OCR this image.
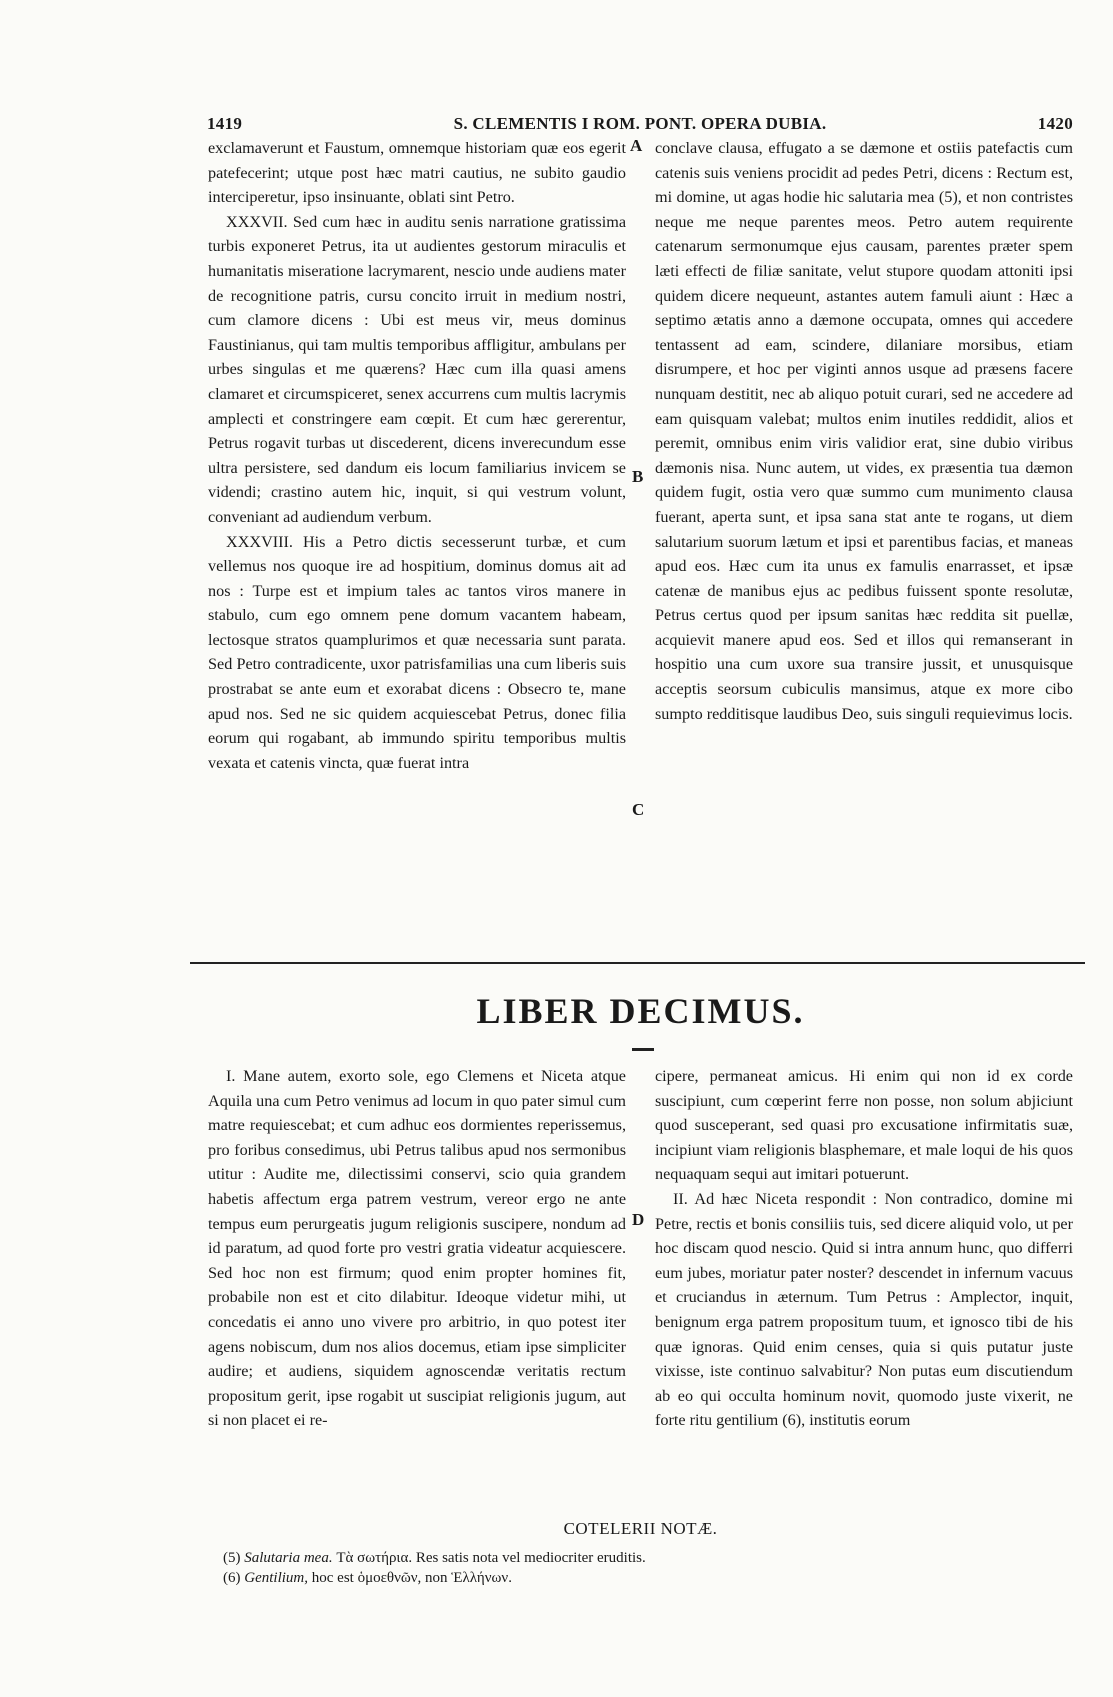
1419	S. CLEMENTIS I ROM. PONT. OPERA DUBIA.	1420

exclamaverunt et Faustum, omnemque historiam quæ eos egerit patefecerint; utque post hæc matri cautius, ne subito gaudio interciperetur, ipso insinuante, oblati sint Petro.

XXXVII. Sed cum hæc in auditu senis narratione gratissima turbis exponeret Petrus, ita ut audientes gestorum miraculis et humanitatis miseratione lacrymarent, nescio unde audiens mater de recognitione patris, cursu concito irruit in medium nostri, cum clamore dicens : Ubi est meus vir, meus dominus Faustinianus, qui tam multis temporibus affligitur, ambulans per urbes singulas et me quærens? Hæc cum illa quasi amens clamaret et circumspiceret, senex accurrens cum multis lacrymis amplecti et constringere eam cœpit. Et cum hæc gererentur, Petrus rogavit turbas ut discederent, dicens inverecundum esse ultra persistere, sed dandum eis locum familiarius invicem se videndi; crastino autem hic, inquit, si qui vestrum volunt, conveniant ad audiendum verbum.

XXXVIII. His a Petro dictis secesserunt turbæ, et cum vellemus nos quoque ire ad hospitium, dominus domus ait ad nos : Turpe est et impium tales ac tantos viros manere in stabulo, cum ego omnem pene domum vacantem habeam, lectosque stratos quamplurimos et quæ necessaria sunt parata. Sed Petro contradicente, uxor patrisfamilias una cum liberis suis prostrabat se ante eum et exorabat dicens : Obsecro te, mane apud nos. Sed ne sic quidem acquiescebat Petrus, donec filia eorum qui rogabant, ab immundo spiritu temporibus multis vexata et catenis vincta, quæ fuerat intra

conclave clausa, effugato a se dæmone et ostiis patefactis cum catenis suis veniens procidit ad pedes Petri, dicens : Rectum est, mi domine, ut agas hodie hic salutaria mea (5), et non contristes neque me neque parentes meos. Petro autem requirente catenarum sermonumque ejus causam, parentes præter spem læti effecti de filiæ sanitate, velut stupore quodam attoniti ipsi quidem dicere nequeunt, astantes autem famuli aiunt : Hæc a septimo ætatis anno a dæmone occupata, omnes qui accedere tentassent ad eam, scindere, dilaniare morsibus, etiam disrumpere, et hoc per viginti annos usque ad præsens facere nunquam destitit, nec ab aliquo potuit curari, sed ne accedere ad eam quisquam valebat; multos enim inutiles reddidit, alios et peremit, omnibus enim viris validior erat, sine dubio viribus dæmonis nisa. Nunc autem, ut vides, ex præsentia tua dæmon quidem fugit, ostia vero quæ summo cum munimento clausa fuerant, aperta sunt, et ipsa sana stat ante te rogans, ut diem salutarium suorum lætum et ipsi et parentibus facias, et maneas apud eos. Hæc cum ita unus ex famulis enarrasset, et ipsæ catenæ de manibus ejus ac pedibus fuissent sponte resolutæ, Petrus certus quod per ipsum sanitas hæc reddita sit puellæ, acquievit manere apud eos. Sed et illos qui remanserant in hospitio una cum uxore sua transire jussit, et unusquisque acceptis seorsum cubiculis mansimus, atque ex more cibo sumpto redditisque laudibus Deo, suis singuli requievimus locis.

A
B
C
LIBER DECIMUS.

I. Mane autem, exorto sole, ego Clemens et Niceta atque Aquila una cum Petro venimus ad locum in quo pater simul cum matre requiescebat; et cum adhuc eos dormientes reperissemus, pro foribus consedimus, ubi Petrus talibus apud nos sermonibus utitur : Audite me, dilectissimi conservi, scio quia grandem habetis affectum erga patrem vestrum, vereor ergo ne ante tempus eum perurgeatis jugum religionis suscipere, nondum ad id paratum, ad quod forte pro vestri gratia videatur acquiescere. Sed hoc non est firmum; quod enim propter homines fit, probabile non est et cito dilabitur. Ideoque videtur mihi, ut concedatis ei anno uno vivere pro arbitrio, in quo potest iter agens nobiscum, dum nos alios docemus, etiam ipse simpliciter audire; et audiens, siquidem agnoscendæ veritatis rectum propositum gerit, ipse rogabit ut suscipiat religionis jugum, aut si non placet ei re-

cipere, permaneat amicus. Hi enim qui non id ex corde suscipiunt, cum cœperint ferre non posse, non solum abjiciunt quod susceperant, sed quasi pro excusatione infirmitatis suæ, incipiunt viam religionis blasphemare, et male loqui de his quos nequaquam sequi aut imitari potuerunt.

II. Ad hæc Niceta respondit : Non contradico, domine mi Petre, rectis et bonis consiliis tuis, sed dicere aliquid volo, ut per hoc discam quod nescio. Quid si intra annum hunc, quo differri eum jubes, moriatur pater noster? descendet in infernum vacuus et cruciandus in æternum. Tum Petrus : Amplector, inquit, benignum erga patrem propositum tuum, et ignosco tibi de his quæ ignoras. Quid enim censes, quia si quis putatur juste vixisse, iste continuo salvabitur? Non putas eum discutiendum ab eo qui occulta hominum novit, quomodo juste vixerit, ne forte ritu gentilium (6), institutis eorum

D
COTELERII NOTÆ.

(5) Salutaria mea. Τὰ σωτήρια. Res satis nota vel mediocriter eruditis.

(6) Gentilium, hoc est ὁμοεθνῶν, non Ἑλλήνων.
